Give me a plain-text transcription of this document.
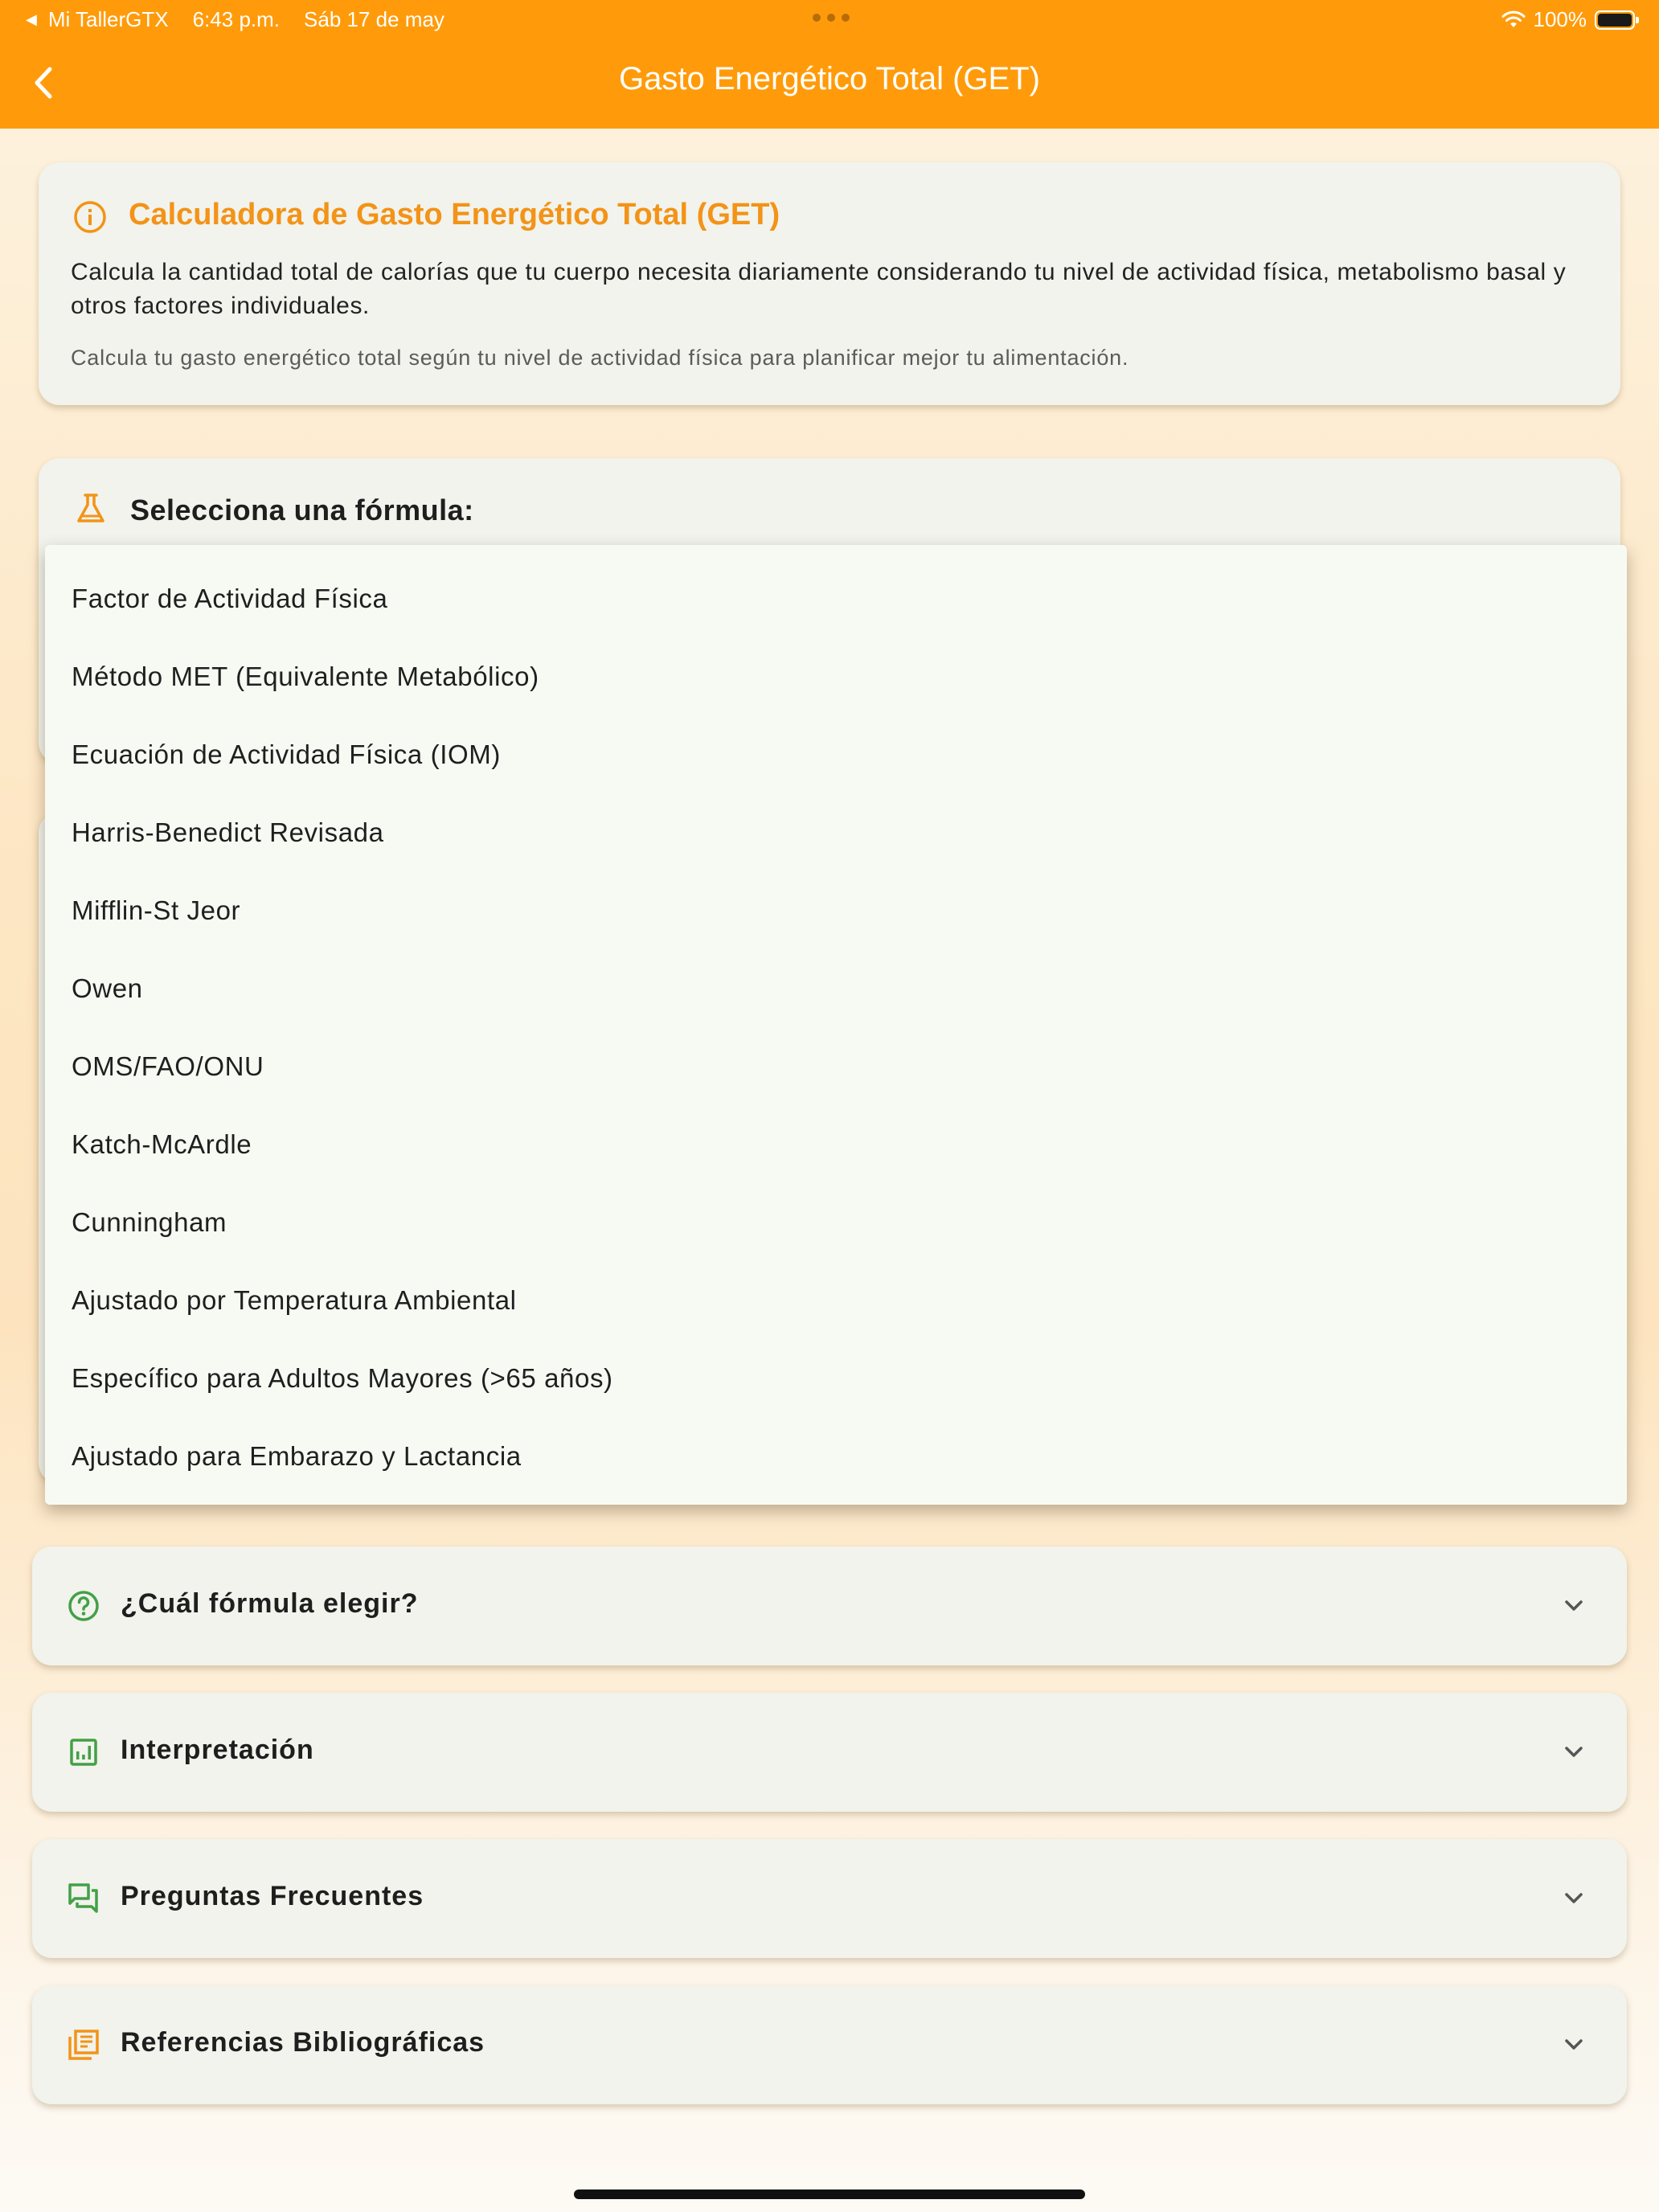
◀ Mi TallerGTX 6:43 p.m. Sáb 17 de may	100%
Gasto Energético Total (GET)
Calculadora de Gasto Energético Total (GET)
Calcula la cantidad total de calorías que tu cuerpo necesita diariamente considerando tu nivel de actividad física, metabolismo basal y otros factores individuales.
Calcula tu gasto energético total según tu nivel de actividad física para planificar mejor tu alimentación.
Selecciona una fórmula:
Factor de Actividad Física
Método MET (Equivalente Metabólico)
Ecuación de Actividad Física (IOM)
Harris-Benedict Revisada
Mifflin-St Jeor
Owen
OMS/FAO/ONU
Katch-McArdle
Cunningham
Ajustado por Temperatura Ambiental
Específico para Adultos Mayores (>65 años)
Ajustado para Embarazo y Lactancia
¿Cuál fórmula elegir?
Interpretación
Preguntas Frecuentes
Referencias Bibliográficas
